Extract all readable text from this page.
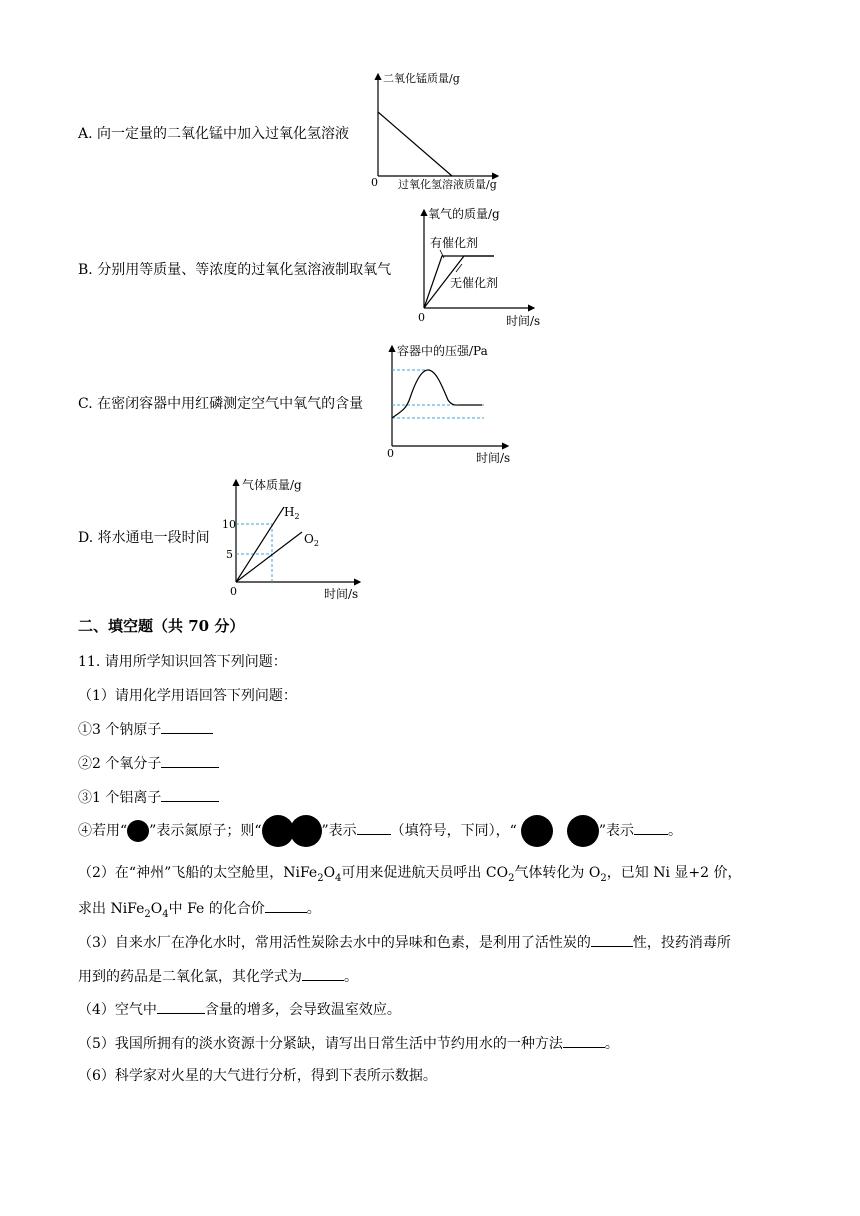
A. 向一定量的二氧化锰中加入过氧化氢溶液
二氧化锰质量/g
0 过氧化氢溶液质量/g
B. 分别用等质量、等浓度的过氧化氢溶液制取氧气
氧气的质量/g
有催化剂
无催化剂
0	时间/s
C. 在密闭容器中用红磷测定空气中氧气的含量
容器中的压强/Pa
0	时间/s
D. 将水通电一段时间
气体质量/g
10
5
$H_2$
$O_2$
0	时间/s
二、填空题（共 70 分）
11. 请用所学知识回答下列问题：
（1）请用化学用语回答下列问题：
①3 个钠原子
②2 个氧分子
③1 个铝离子
④若用“ ”表示氮原子；则“	”表示 （填符号，下同），“	”表示 。
（2）在“神州”飞船的太空舱里，$NiFe_2O_4$可用来促进航天员呼出 $CO_2$气体转化为 $O_2$，已知 Ni 显+2 价，
求出 $NiFe_2O_4$中 Fe 的化合价	。
（3）自来水厂在净化水时，常用活性炭除去水中的异味和色素，是利用了活性炭的	性，投药消毒所
用到的药品是二氧化氯，其化学式为	。
（4）空气中	含量的增多，会导致温室效应。
（5）我国所拥有的淡水资源十分紧缺，请写出日常生活中节约用水的一种方法	。
（6）科学家对火星的大气进行分析，得到下表所示数据。
